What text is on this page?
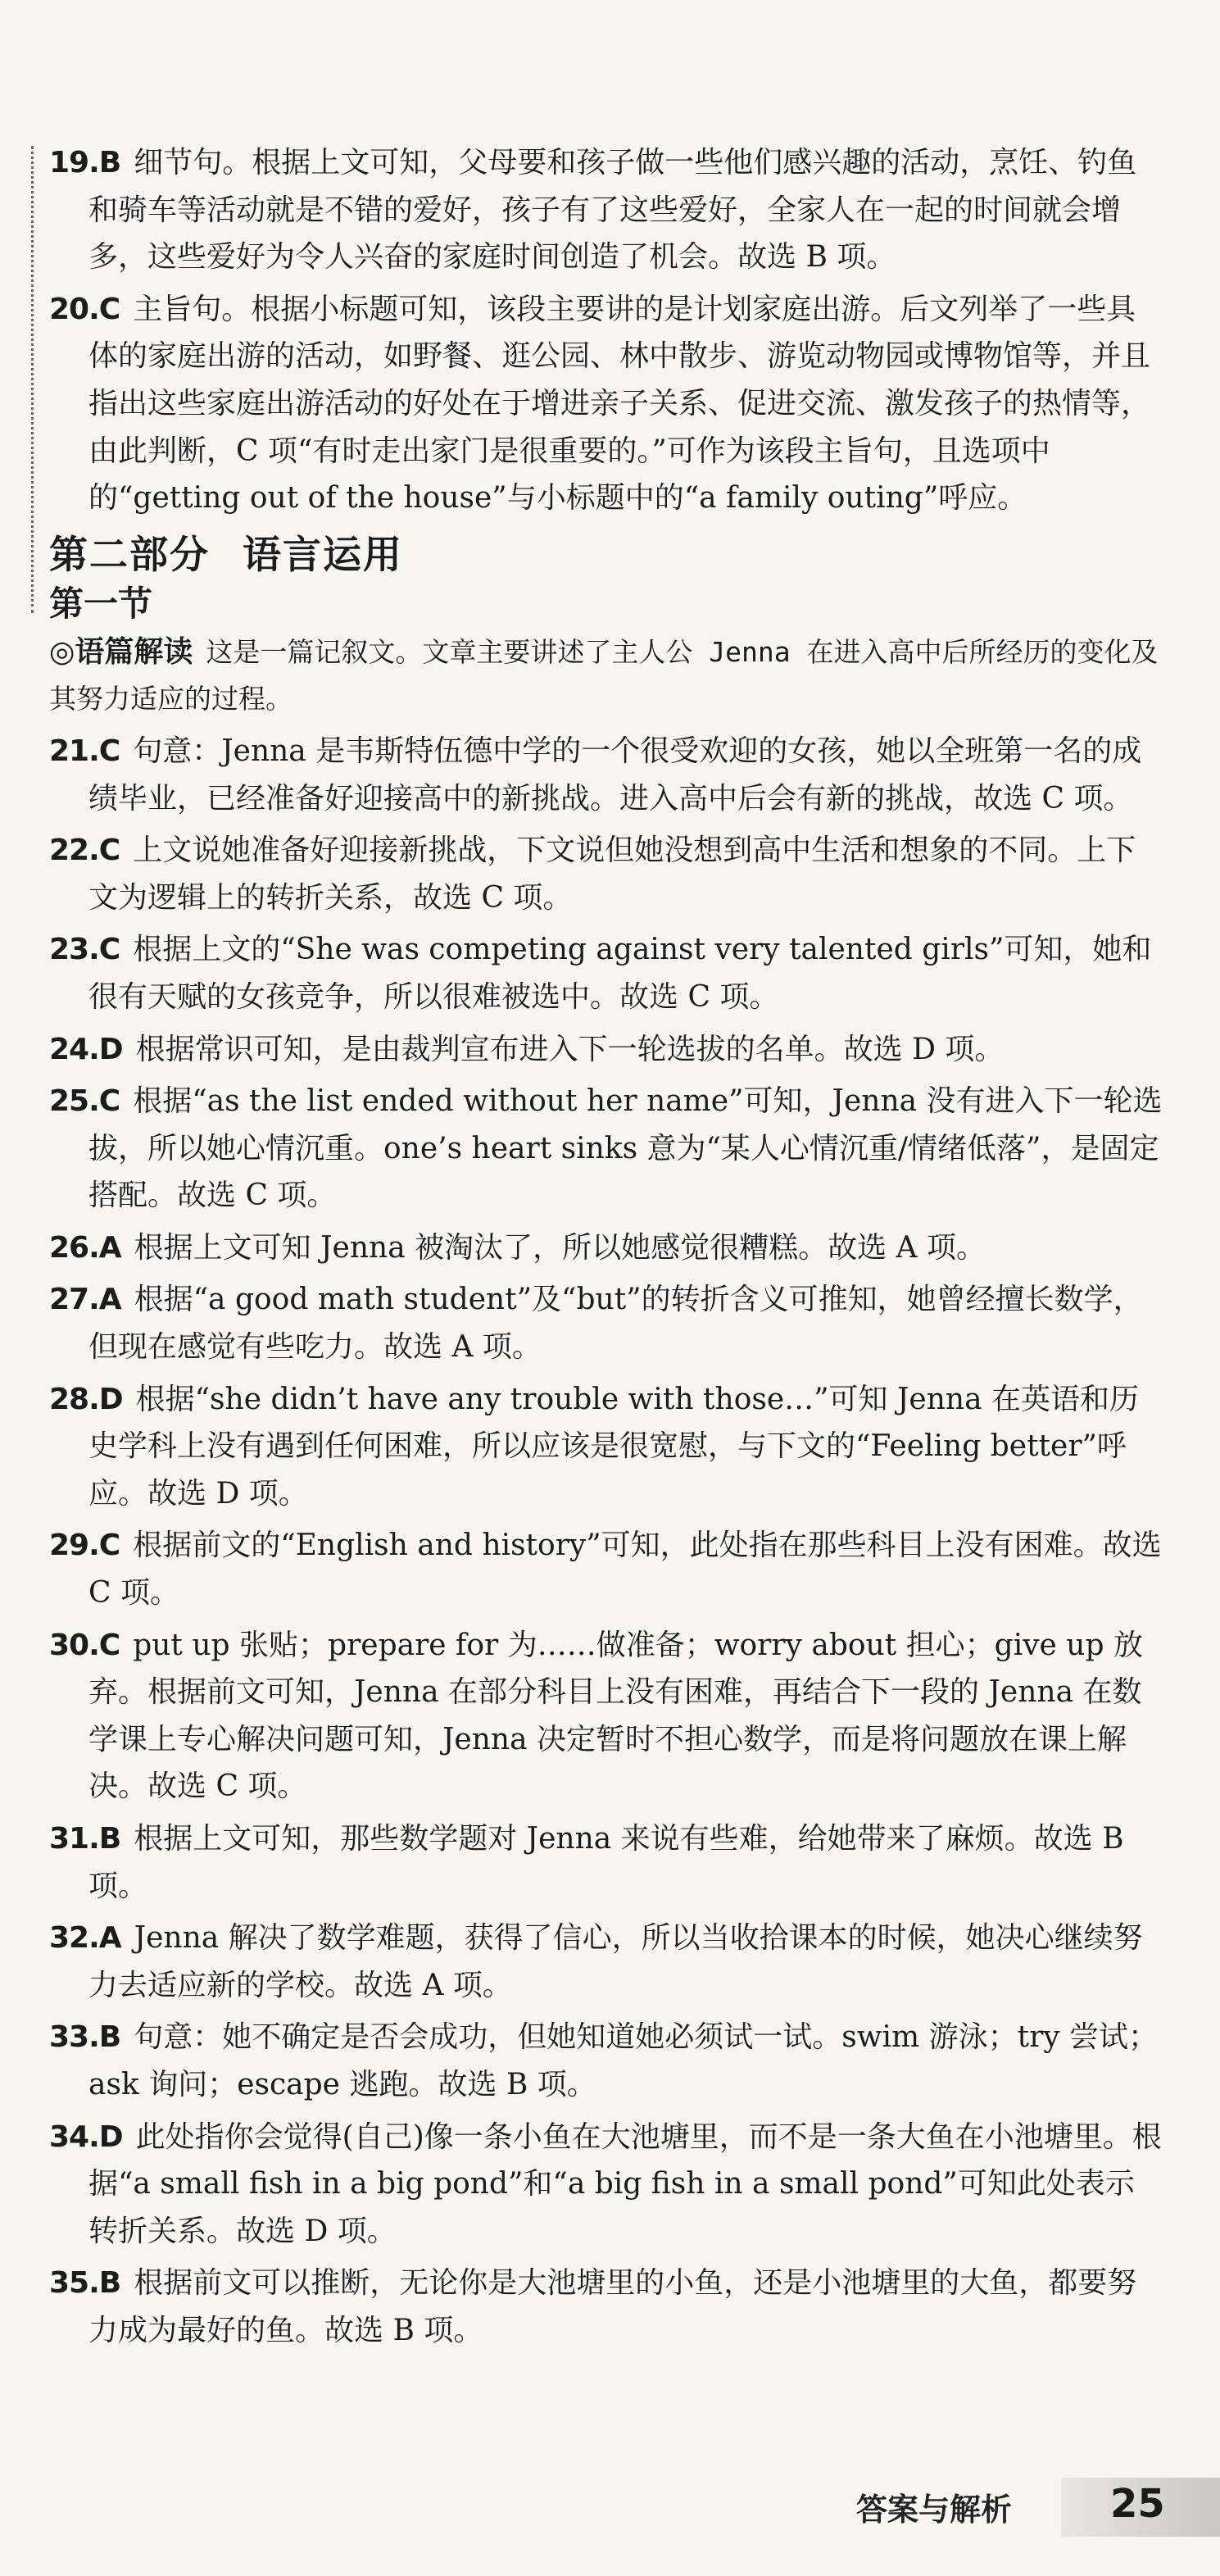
19.B 细节句。根据上文可知，父母要和孩子做一些他们感兴趣的活动，烹饪、钓鱼和骑车等活动就是不错的爱好，孩子有了这些爱好，全家人在一起的时间就会增多，这些爱好为令人兴奋的家庭时间创造了机会。故选 B 项。
20.C 主旨句。根据小标题可知，该段主要讲的是计划家庭出游。后文列举了一些具体的家庭出游的活动，如野餐、逛公园、林中散步、游览动物园或博物馆等，并且指出这些家庭出游活动的好处在于增进亲子关系、促进交流、激发孩子的热情等，由此判断，C 项“有时走出家门是很重要的。”可作为该段主旨句，且选项中的“getting out of the house”与小标题中的“a family outing”呼应。
第二部分 语言运用
第一节
◎语篇解读 这是一篇记叙文。文章主要讲述了主人公 Jenna 在进入高中后所经历的变化及其努力适应的过程。
21.C 句意：Jenna 是韦斯特伍德中学的一个很受欢迎的女孩，她以全班第一名的成绩毕业，已经准备好迎接高中的新挑战。进入高中后会有新的挑战，故选 C 项。
22.C 上文说她准备好迎接新挑战，下文说但她没想到高中生活和想象的不同。上下文为逻辑上的转折关系，故选 C 项。
23.C 根据上文的“She was competing against very talented girls”可知，她和很有天赋的女孩竞争，所以很难被选中。故选 C 项。
24.D 根据常识可知，是由裁判宣布进入下一轮选拔的名单。故选 D 项。
25.C 根据“as the list ended without her name”可知，Jenna 没有进入下一轮选拔，所以她心情沉重。one’s heart sinks 意为“某人心情沉重/情绪低落”，是固定搭配。故选 C 项。
26.A 根据上文可知 Jenna 被淘汰了，所以她感觉很糟糕。故选 A 项。
27.A 根据“a good math student”及“but”的转折含义可推知，她曾经擅长数学，但现在感觉有些吃力。故选 A 项。
28.D 根据“she didn’t have any trouble with those…”可知 Jenna 在英语和历史学科上没有遇到任何困难，所以应该是很宽慰，与下文的“Feeling better”呼应。故选 D 项。
29.C 根据前文的“English and history”可知，此处指在那些科目上没有困难。故选 C 项。
30.C put up 张贴；prepare for 为……做准备；worry about 担心；give up 放弃。根据前文可知，Jenna 在部分科目上没有困难，再结合下一段的 Jenna 在数学课上专心解决问题可知，Jenna 决定暂时不担心数学，而是将问题放在课上解决。故选 C 项。
31.B 根据上文可知，那些数学题对 Jenna 来说有些难，给她带来了麻烦。故选 B 项。
32.A Jenna 解决了数学难题，获得了信心，所以当收拾课本的时候，她决心继续努力去适应新的学校。故选 A 项。
33.B 句意：她不确定是否会成功，但她知道她必须试一试。swim 游泳；try 尝试；ask 询问；escape 逃跑。故选 B 项。
34.D 此处指你会觉得(自己)像一条小鱼在大池塘里，而不是一条大鱼在小池塘里。根据“a small fish in a big pond”和“a big fish in a small pond”可知此处表示转折关系。故选 D 项。
35.B 根据前文可以推断，无论你是大池塘里的小鱼，还是小池塘里的大鱼，都要努力成为最好的鱼。故选 B 项。
答案与解析 25
